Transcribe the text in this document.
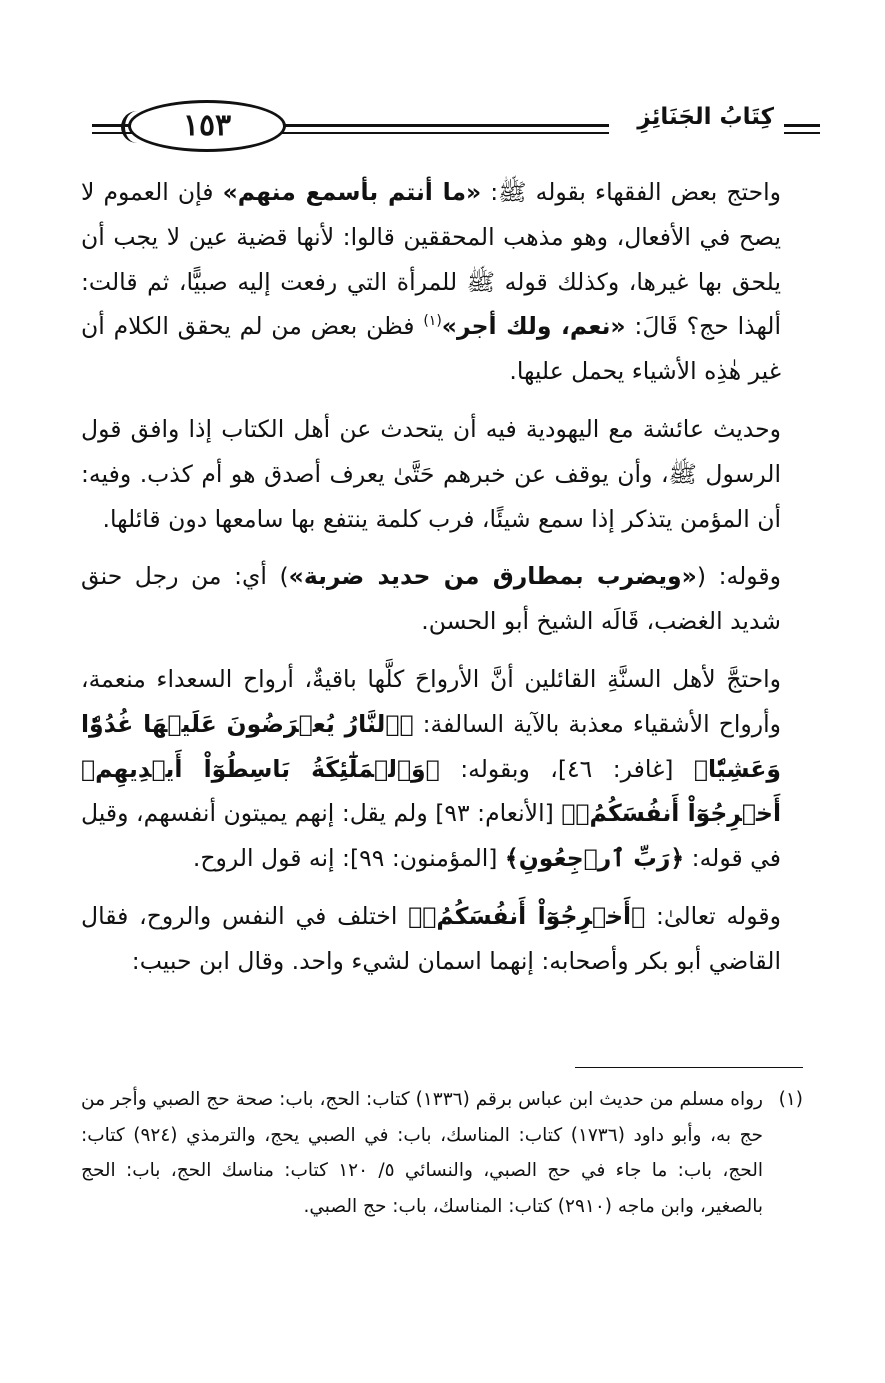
كِتَابُ الجَنَائِزِ
١٥٣

واحتج بعض الفقهاء بقوله ﷺ: «ما أنتم بأسمع منهم» فإن العموم لا يصح في الأفعال، وهو مذهب المحققين قالوا: لأنها قضية عين لا يجب أن يلحق بها غيرها، وكذلك قوله ﷺ للمرأة التي رفعت إليه صبيًّا، ثم قالت: ألهذا حج؟ قَالَ: «نعم، ولك أجر»$^{(١)}$ فظن بعض من لم يحقق الكلام أن غير هٰذِه الأشياء يحمل عليها.

وحديث عائشة مع اليهودية فيه أن يتحدث عن أهل الكتاب إذا وافق قول الرسول ﷺ، وأن يوقف عن خبرهم حَتَّىٰ يعرف أصدق هو أم كذب. وفيه: أن المؤمن يتذكر إذا سمع شيئًا، فرب كلمة ينتفع بها سامعها دون قائلها.

وقوله: («ويضرب بمطارق من حديد ضربة») أي: من رجل حنق شديد الغضب، قَالَه الشيخ أبو الحسن.

واحتجَّ لأهل السنَّةِ القائلين أنَّ الأرواحَ كلَّها باقيةٌ، أرواح السعداء منعمة، وأرواح الأشقياء معذبة بالآية السالفة: ﴿ٱلنَّارُ يُعۡرَضُونَ عَلَيۡهَا غُدُوّٗا وَعَشِيّٗا﴾ [غافر: ٤٦]، وبقوله: ﴿وَٱلۡمَلَٰٓئِكَةُ بَاسِطُوٓاْ أَيۡدِيهِمۡ أَخۡرِجُوٓاْ أَنفُسَكُمُۖ﴾ [الأنعام: ٩٣] ولم يقل: إنهم يميتون أنفسهم، وقيل في قوله: ﴿رَبِّ ٱرۡجِعُونِ﴾ [المؤمنون: ٩٩]: إنه قول الروح.

وقوله تعالىٰ: ﴿أَخۡرِجُوٓاْ أَنفُسَكُمُۖ﴾ اختلف في النفس والروح، فقال القاضي أبو بكر وأصحابه: إنهما اسمان لشيء واحد. وقال ابن حبيب:

(١)
رواه مسلم من حديث ابن عباس برقم (١٣٣٦) كتاب: الحج، باب: صحة حج الصبي وأجر من حج به، وأبو داود (١٧٣٦) كتاب: المناسك، باب: في الصبي يحج، والترمذي (٩٢٤) كتاب: الحج، باب: ما جاء في حج الصبي، والنسائي ٥/ ١٢٠ كتاب: مناسك الحج، باب: الحج بالصغير، وابن ماجه (٢٩١٠) كتاب: المناسك، باب: حج الصبي.
